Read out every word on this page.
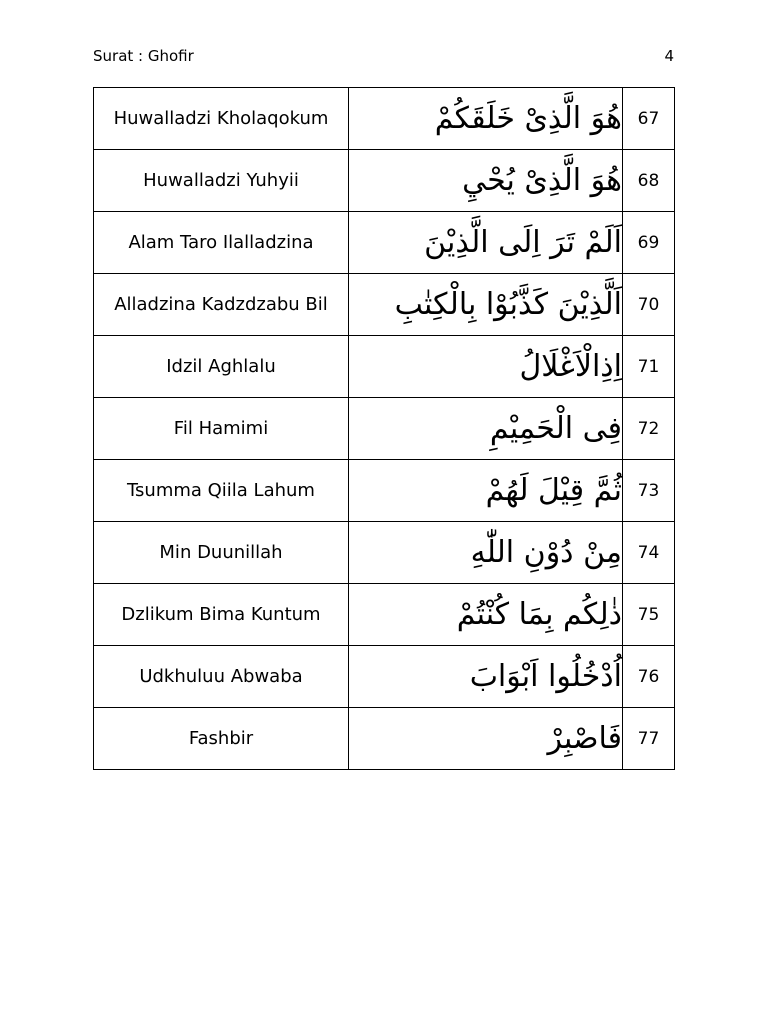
Surat : Ghofir	4
Huwalladzi Kholaqokum	هُوَ الَّذِىْ خَلَقَكُمْ	67
Huwalladzi Yuhyii	هُوَ الَّذِىْ يُحْيِ	68
Alam Taro Ilalladzina	اَلَمْ تَرَ اِلَى الَّذِيْنَ	69
Alladzina Kadzdzabu Bil	اَلَّذِيْنَ كَذَّبُوْا بِالْكِتٰبِ	70
Idzil Aghlalu	اِذِالْاَغْلَالُ	71
Fil Hamimi	فِى الْحَمِيْمِ	72
Tsumma Qiila Lahum	ثُمَّ قِيْلَ لَهُمْ	73
Min Duunillah	مِنْ دُوْنِ اللّٰهِ	74
Dzlikum Bima Kuntum	ذٰلِكُم بِمَا كُنْتُمْ	75
Udkhuluu Abwaba	اُدْخُلُوا اَبْوَابَ	76
Fashbir	فَاصْبِرْ	77
